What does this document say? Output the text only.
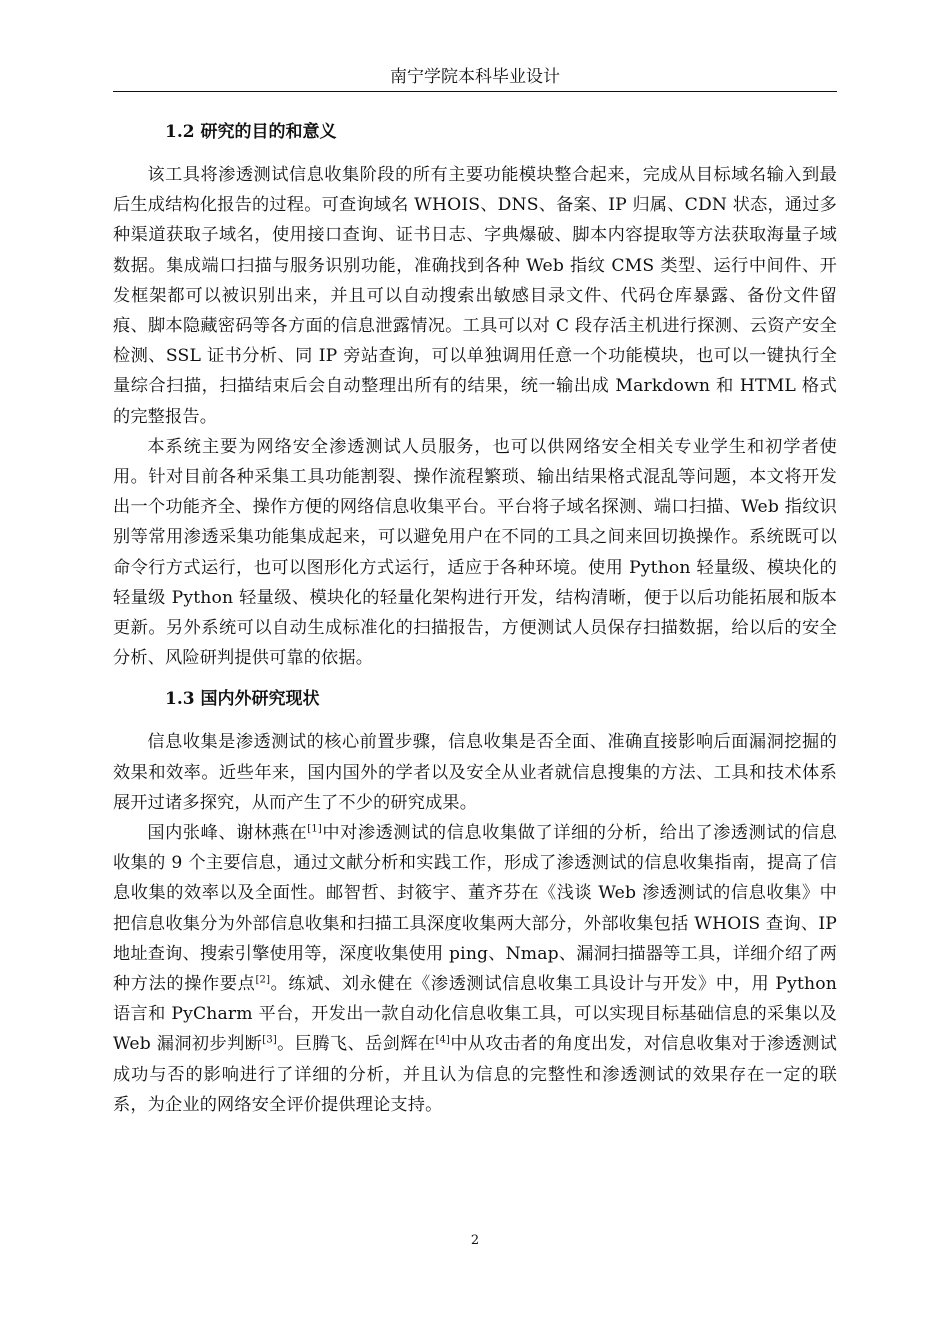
南宁学院本科毕业设计
1.2 研究的目的和意义

该工具将渗透测试信息收集阶段的所有主要功能模块整合起来，完成从目标域名输入到最后生成结构化报告的过程。可查询域名 WHOIS、DNS、备案、IP 归属、CDN 状态，通过多种渠道获取子域名，使用接口查询、证书日志、字典爆破、脚本内容提取等方法获取海量子域数据。集成端口扫描与服务识别功能，准确找到各种 Web 指纹 CMS 类型、运行中间件、开发框架都可以被识别出来，并且可以自动搜索出敏感目录文件、代码仓库暴露、备份文件留痕、脚本隐藏密码等各方面的信息泄露情况。工具可以对 C 段存活主机进行探测、云资产安全检测、SSL 证书分析、同 IP 旁站查询，可以单独调用任意一个功能模块，也可以一键执行全量综合扫描，扫描结束后会自动整理出所有的结果，统一输出成 Markdown 和 HTML 格式的完整报告。

本系统主要为网络安全渗透测试人员服务，也可以供网络安全相关专业学生和初学者使用。针对目前各种采集工具功能割裂、操作流程繁琐、输出结果格式混乱等问题，本文将开发出一个功能齐全、操作方便的网络信息收集平台。平台将子域名探测、端口扫描、Web 指纹识别等常用渗透采集功能集成起来，可以避免用户在不同的工具之间来回切换操作。系统既可以命令行方式运行，也可以图形化方式运行，适应于各种环境。使用 Python 轻量级、模块化的轻量级 Python 轻量级、模块化的轻量化架构进行开发，结构清晰，便于以后功能拓展和版本更新。另外系统可以自动生成标准化的扫描报告，方便测试人员保存扫描数据，给以后的安全分析、风险研判提供可靠的依据。

1.3 国内外研究现状

信息收集是渗透测试的核心前置步骤，信息收集是否全面、准确直接影响后面漏洞挖掘的效果和效率。近些年来，国内国外的学者以及安全从业者就信息搜集的方法、工具和技术体系展开过诸多探究，从而产生了不少的研究成果。

国内张峰、谢林燕在[1]中对渗透测试的信息收集做了详细的分析，给出了渗透测试的信息收集的 9 个主要信息，通过文献分析和实践工作，形成了渗透测试的信息收集指南，提高了信息收集的效率以及全面性。邮智哲、封筱宇、董齐芬在《浅谈 Web 渗透测试的信息收集》中把信息收集分为外部信息收集和扫描工具深度收集两大部分，外部收集包括 WHOIS 查询、IP 地址查询、搜索引擎使用等，深度收集使用 ping、Nmap、漏洞扫描器等工具，详细介绍了两种方法的操作要点[2]。练斌、刘永健在《渗透测试信息收集工具设计与开发》中，用 Python 语言和 PyCharm 平台，开发出一款自动化信息收集工具，可以实现目标基础信息的采集以及 Web 漏洞初步判断[3]。巨腾飞、岳剑辉在[4]中从攻击者的角度出发，对信息收集对于渗透测试成功与否的影响进行了详细的分析，并且认为信息的完整性和渗透测试的效果存在一定的联系，为企业的网络安全评价提供理论支持。

2
